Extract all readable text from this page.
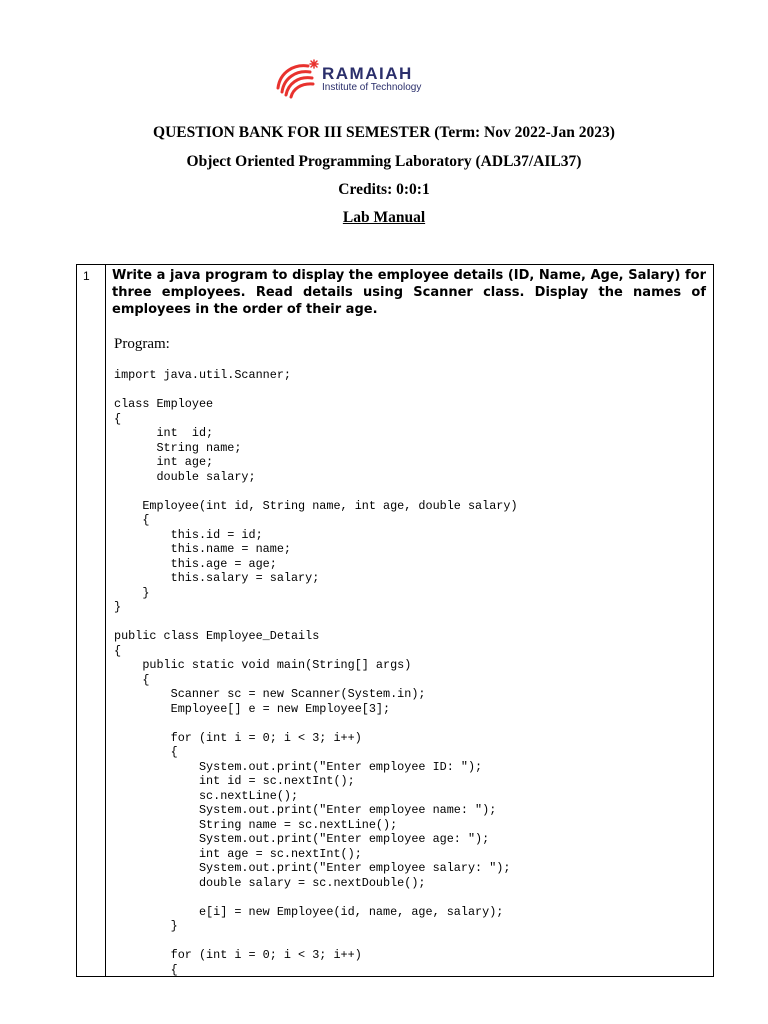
RAMAIAH
Institute of Technology
QUESTION BANK FOR III SEMESTER (Term: Nov 2022-Jan 2023)
Object Oriented Programming Laboratory (ADL37/AIL37)
Credits: 0:0:1
Lab Manual
1 Write a java program to display the employee details (ID, Name, Age, Salary) for three employees. Read details using Scanner class. Display the names of employees in the order of their age.
Program:
import java.util.Scanner;

class Employee
{
int  id;
String name;
int age;
double salary;

Employee(int id, String name, int age, double salary)
{
this.id = id;
this.name = name;
this.age = age;
this.salary = salary;
}
}

public class Employee_Details
{
public static void main(String[] args)
{
Scanner sc = new Scanner(System.in);
Employee[] e = new Employee[3];

for (int i = 0; i < 3; i++)
{
System.out.print("Enter employee ID: ");
int id = sc.nextInt();
sc.nextLine();
System.out.print("Enter employee name: ");
String name = sc.nextLine();
System.out.print("Enter employee age: ");
int age = sc.nextInt();
System.out.print("Enter employee salary: ");
double salary = sc.nextDouble();

e[i] = new Employee(id, name, age, salary);
}

for (int i = 0; i < 3; i++)
{
